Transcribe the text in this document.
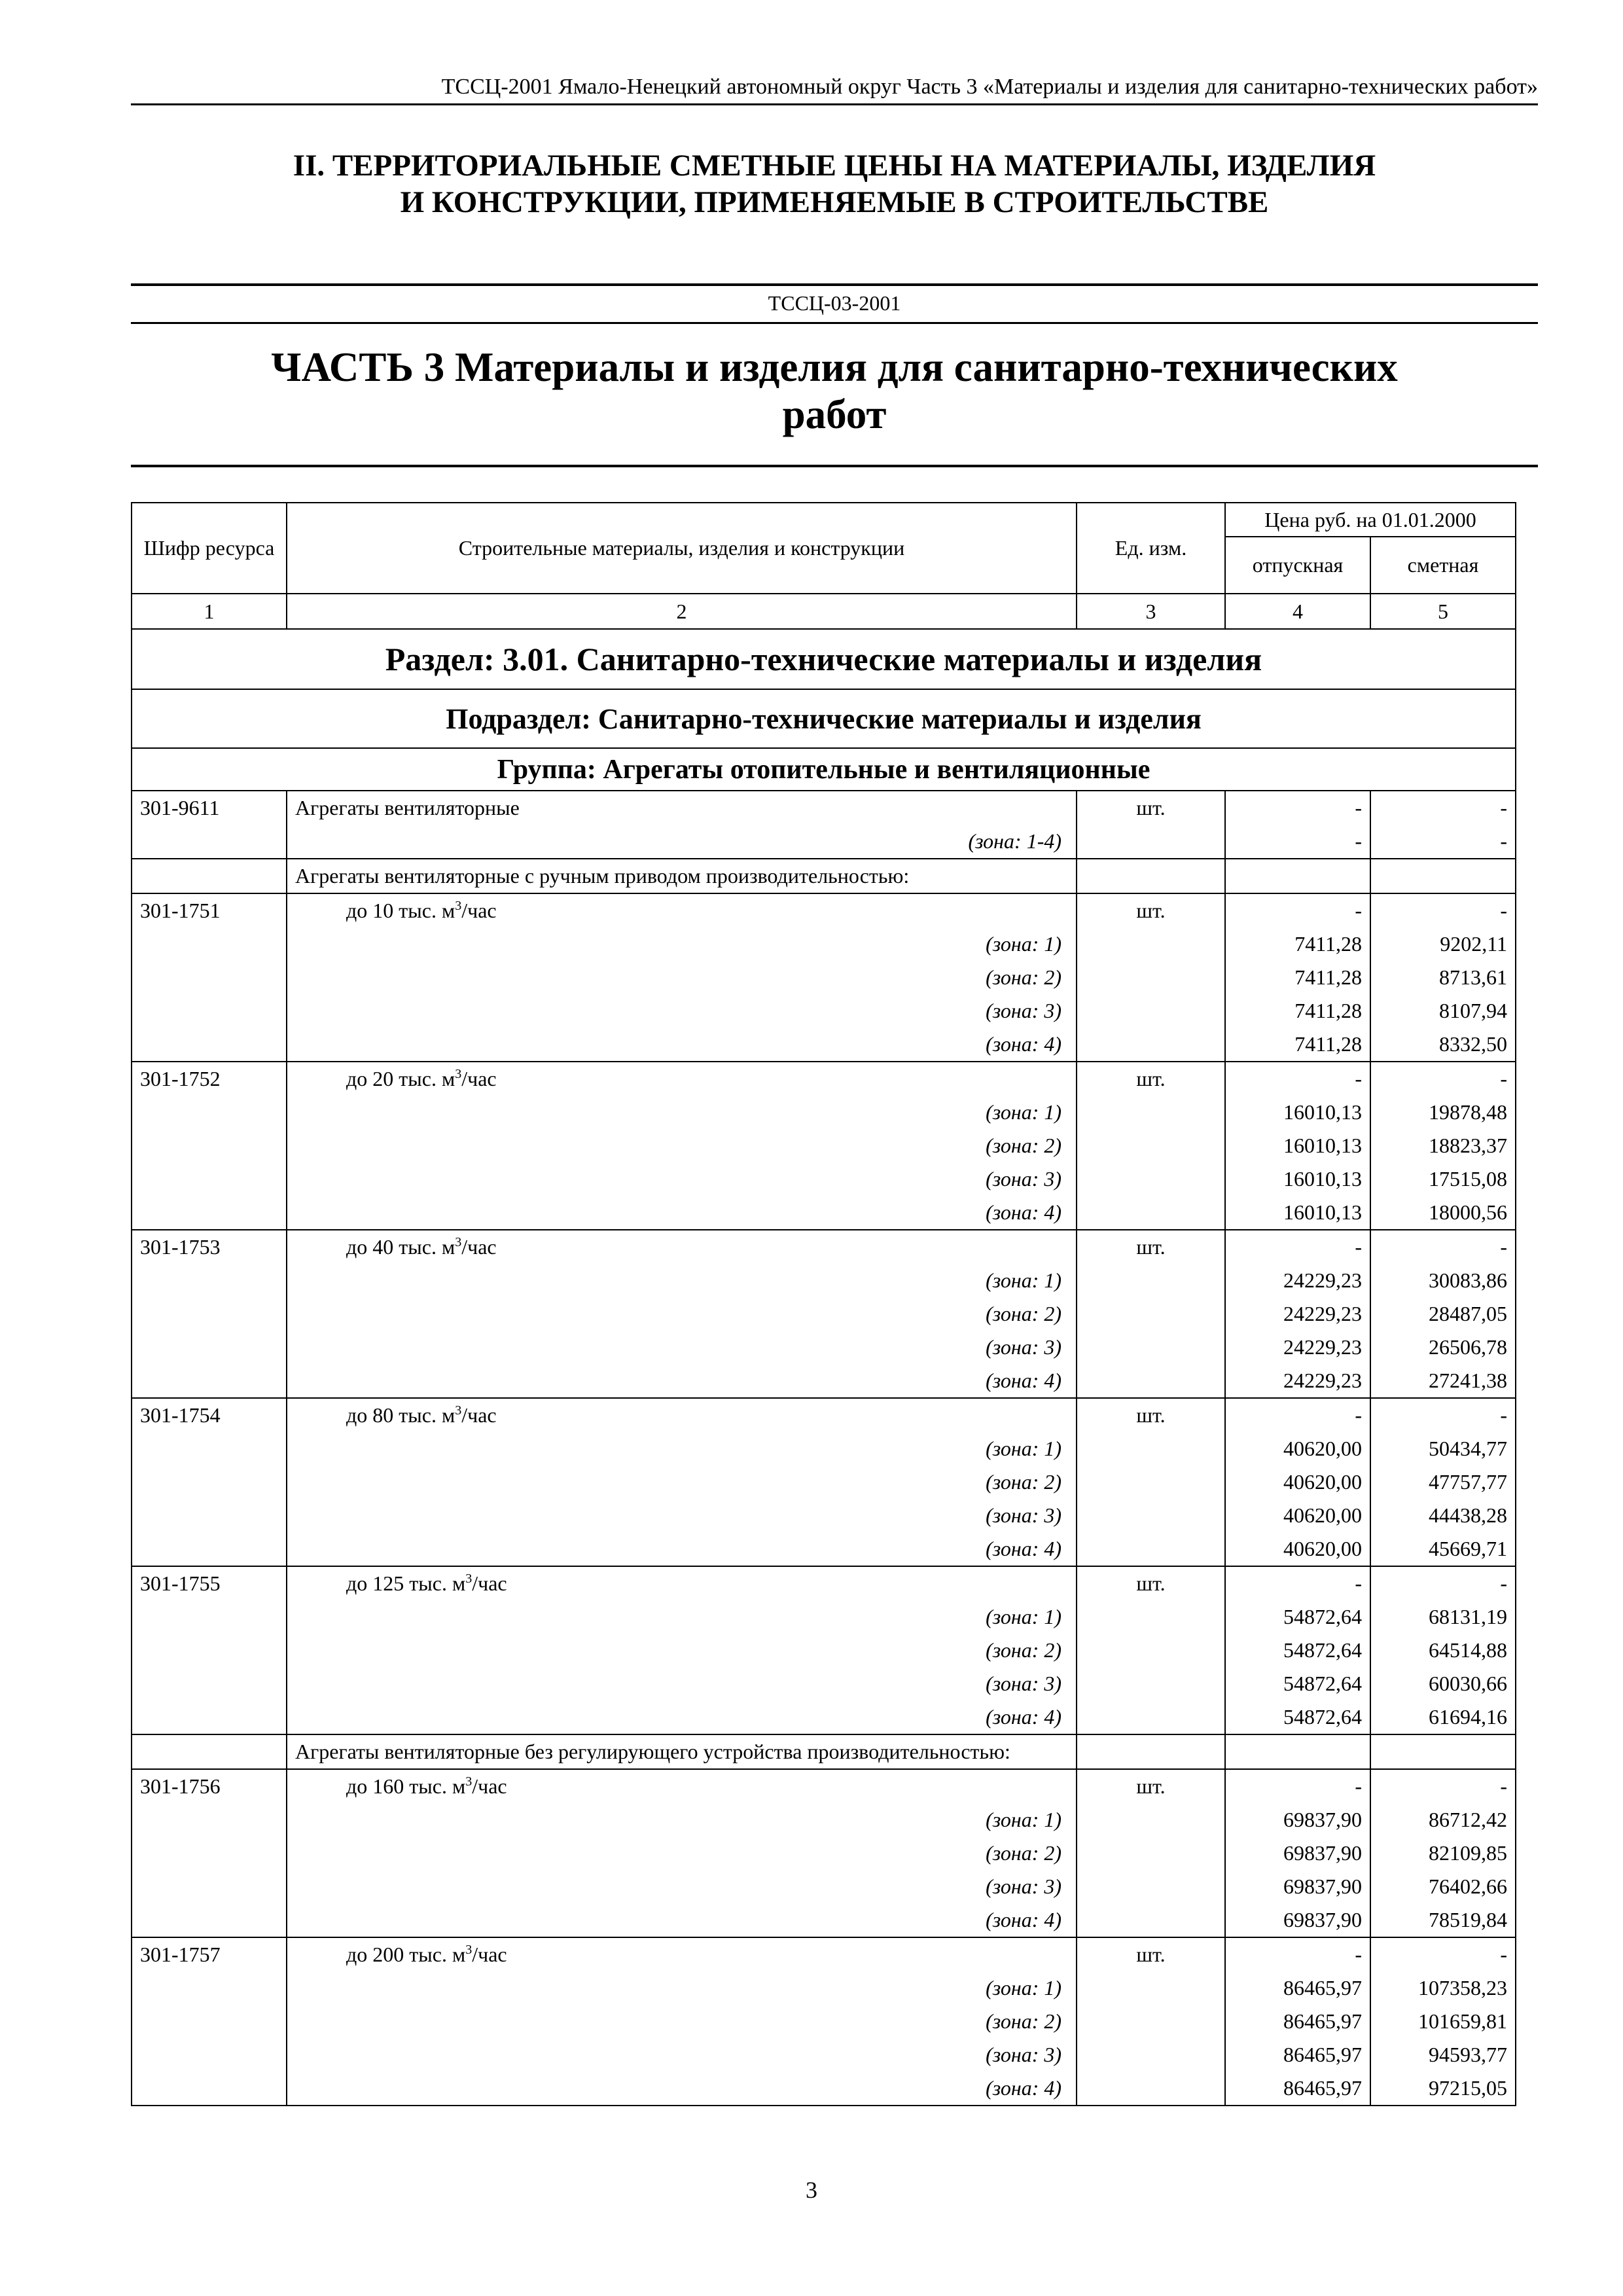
ТССЦ-2001 Ямало-Ненецкий автономный округ Часть 3 «Материалы и изделия для санитарно-технических работ»
II. ТЕРРИТОРИАЛЬНЫЕ СМЕТНЫЕ ЦЕНЫ НА МАТЕРИАЛЫ, ИЗДЕЛИЯ
И КОНСТРУКЦИИ, ПРИМЕНЯЕМЫЕ В СТРОИТЕЛЬСТВЕ
ТССЦ-03-2001
ЧАСТЬ 3 Материалы и изделия для санитарно-технических
работ
Шифр ресурса	Строительные материалы, изделия и конструкции	Ед. изм.	Цена руб. на 01.01.2000	
			отпускная	сметная
1	2	3	4	5
Раздел: 3.01. Санитарно-технические материалы и изделия				
Подраздел: Санитарно-технические материалы и изделия				
Группа: Агрегаты отопительные и вентиляционные				
301-9611	Агрегаты вентиляторные	шт.	-	-
	(зона: 1-4)		-	-
	Агрегаты вентиляторные с ручным приводом производительностью:			
301-1751	до 10 тыс. $м^3$/час	шт.	-	-
	(зона: 1)		7411,28	9202,11
	(зона: 2)		7411,28	8713,61
	(зона: 3)		7411,28	8107,94
	(зона: 4)		7411,28	8332,50
301-1752	до 20 тыс. $м^3$/час	шт.	-	-
	(зона: 1)		16010,13	19878,48
	(зона: 2)		16010,13	18823,37
	(зона: 3)		16010,13	17515,08
	(зона: 4)		16010,13	18000,56
301-1753	до 40 тыс. $м^3$/час	шт.	-	-
	(зона: 1)		24229,23	30083,86
	(зона: 2)		24229,23	28487,05
	(зона: 3)		24229,23	26506,78
	(зона: 4)		24229,23	27241,38
301-1754	до 80 тыс. $м^3$/час	шт.	-	-
	(зона: 1)		40620,00	50434,77
	(зона: 2)		40620,00	47757,77
	(зона: 3)		40620,00	44438,28
	(зона: 4)		40620,00	45669,71
301-1755	до 125 тыс. $м^3$/час	шт.	-	-
	(зона: 1)		54872,64	68131,19
	(зона: 2)		54872,64	64514,88
	(зона: 3)		54872,64	60030,66
	(зона: 4)		54872,64	61694,16
	Агрегаты вентиляторные без регулирующего устройства производительностью:			
301-1756	до 160 тыс. $м^3$/час	шт.	-	-
	(зона: 1)		69837,90	86712,42
	(зона: 2)		69837,90	82109,85
	(зона: 3)		69837,90	76402,66
	(зона: 4)		69837,90	78519,84
301-1757	до 200 тыс. $м^3$/час	шт.	-	-
	(зона: 1)		86465,97	107358,23
	(зона: 2)		86465,97	101659,81
	(зона: 3)		86465,97	94593,77
	(зона: 4)		86465,97	97215,05
3
